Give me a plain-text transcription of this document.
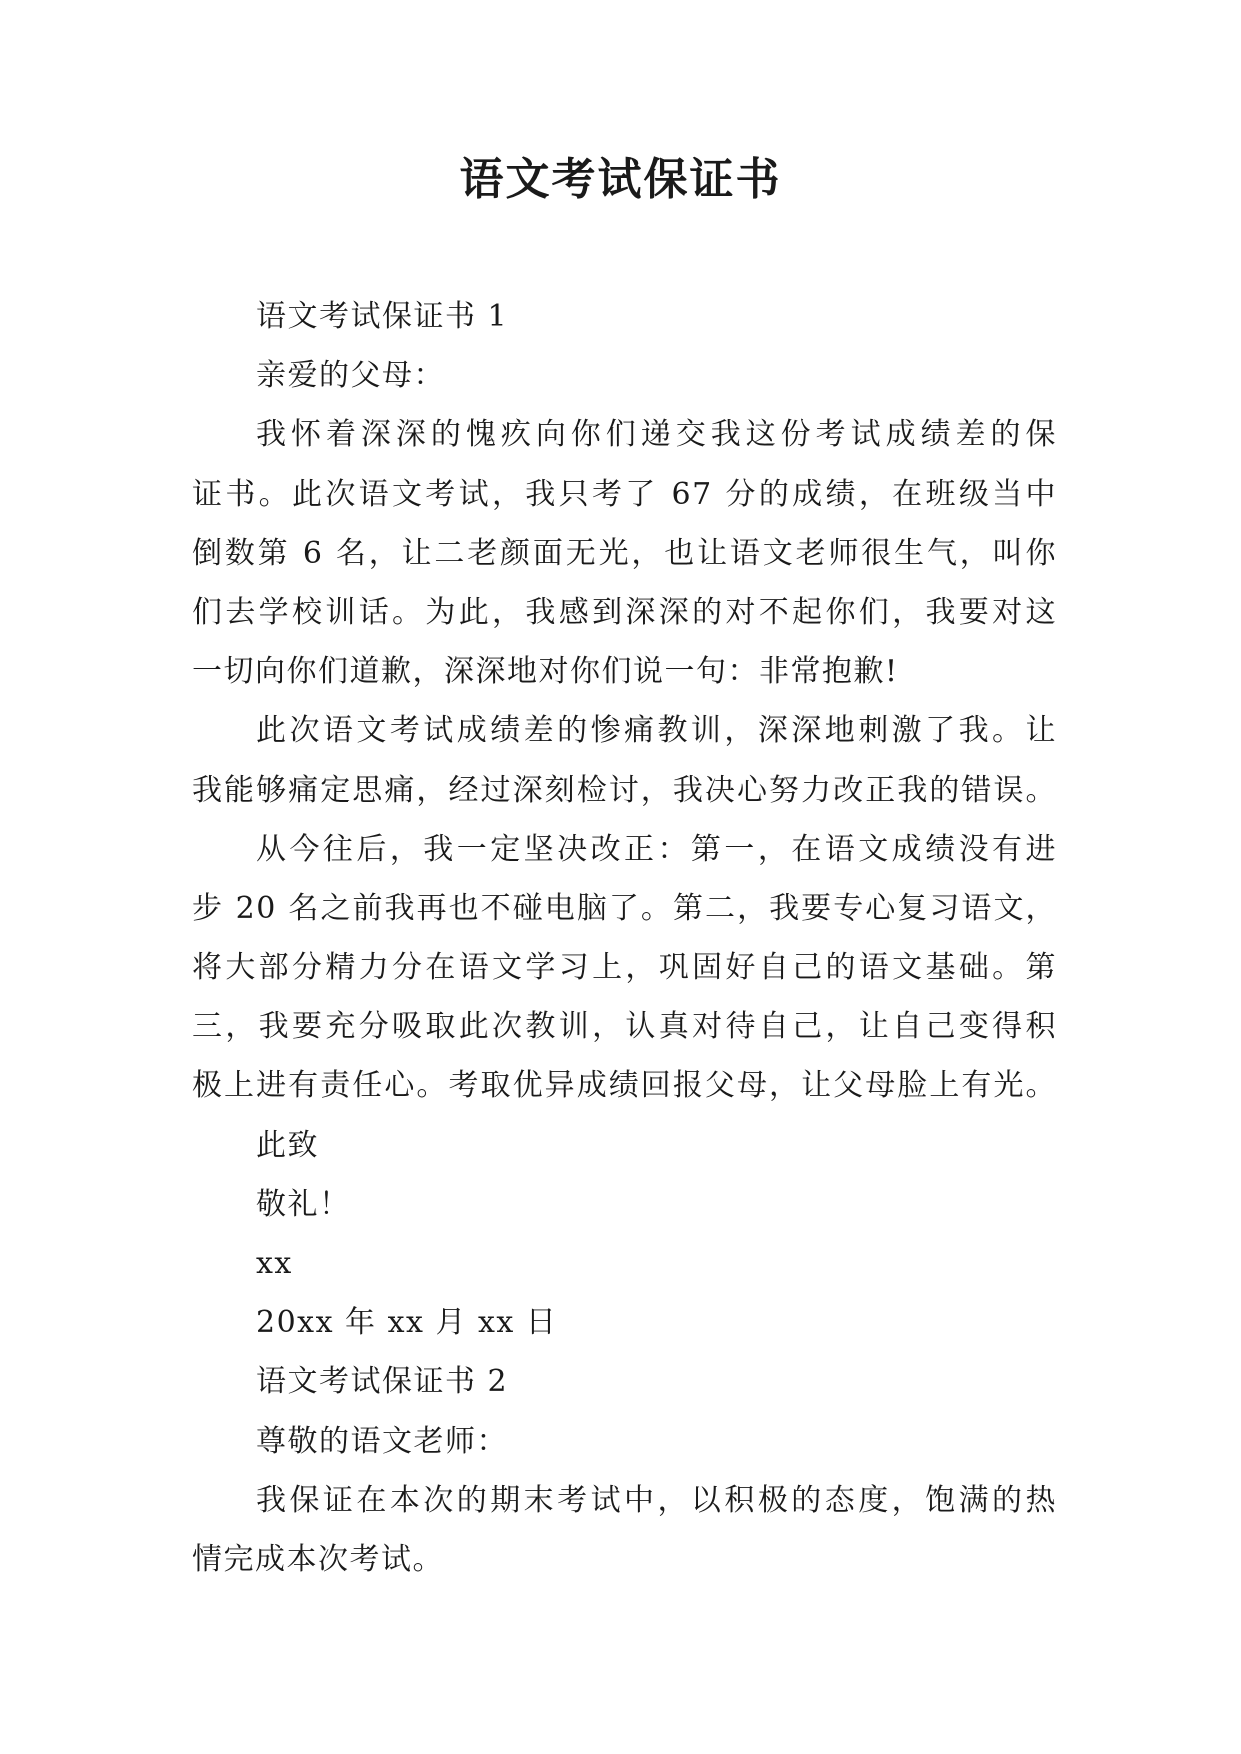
语文考试保证书
语文考试保证书 1
亲爱的父母：
我怀着深深的愧疚向你们递交我这份考试成绩差的保
证书。此次语文考试，我只考了 67 分的成绩，在班级当中
倒数第 6 名，让二老颜面无光，也让语文老师很生气，叫你
们去学校训话。为此，我感到深深的对不起你们，我要对这
一切向你们道歉，深深地对你们说一句：非常抱歉!
此次语文考试成绩差的惨痛教训，深深地刺激了我。让
我能够痛定思痛，经过深刻检讨，我决心努力改正我的错误。
从今往后，我一定坚决改正：第一，在语文成绩没有进
步 20 名之前我再也不碰电脑了。第二，我要专心复习语文，
将大部分精力分在语文学习上，巩固好自己的语文基础。第
三，我要充分吸取此次教训，认真对待自己，让自己变得积
极上进有责任心。考取优异成绩回报父母，让父母脸上有光。
此致
敬礼！
xx
20xx 年 xx 月 xx 日
语文考试保证书 2
尊敬的语文老师：
我保证在本次的期末考试中，以积极的态度，饱满的热
情完成本次考试。
